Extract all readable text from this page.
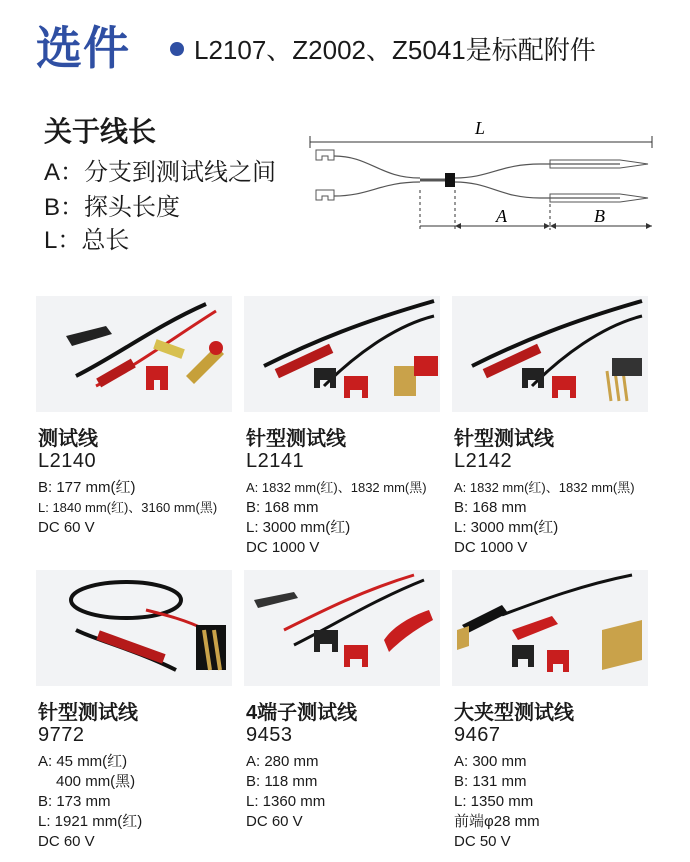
选件 L2107、Z2002、Z5041是标配附件
关于线长
A：分支到测试线之间
B：探头长度
L：总长
L
A	B
测试线
L2140
B: 177 mm(红)
L: 1840 mm(红)、3160 mm(黑)
DC 60 V
针型测试线
L2141
A: 1832 mm(红)、1832 mm(黑)
B: 168 mm
L: 3000 mm(红)
DC 1000 V
针型测试线
L2142
A: 1832 mm(红)、1832 mm(黑)
B: 168 mm
L: 3000 mm(红)
DC 1000 V
针型测试线
9772
A: 45 mm(红)
400 mm(黑)
B: 173 mm
L: 1921 mm(红)
DC 60 V
4端子测试线
9453
A: 280 mm
B: 118 mm
L: 1360 mm
DC 60 V
大夹型测试线
9467
A: 300 mm
B: 131 mm
L: 1350 mm
前端φ28 mm
DC 50 V
